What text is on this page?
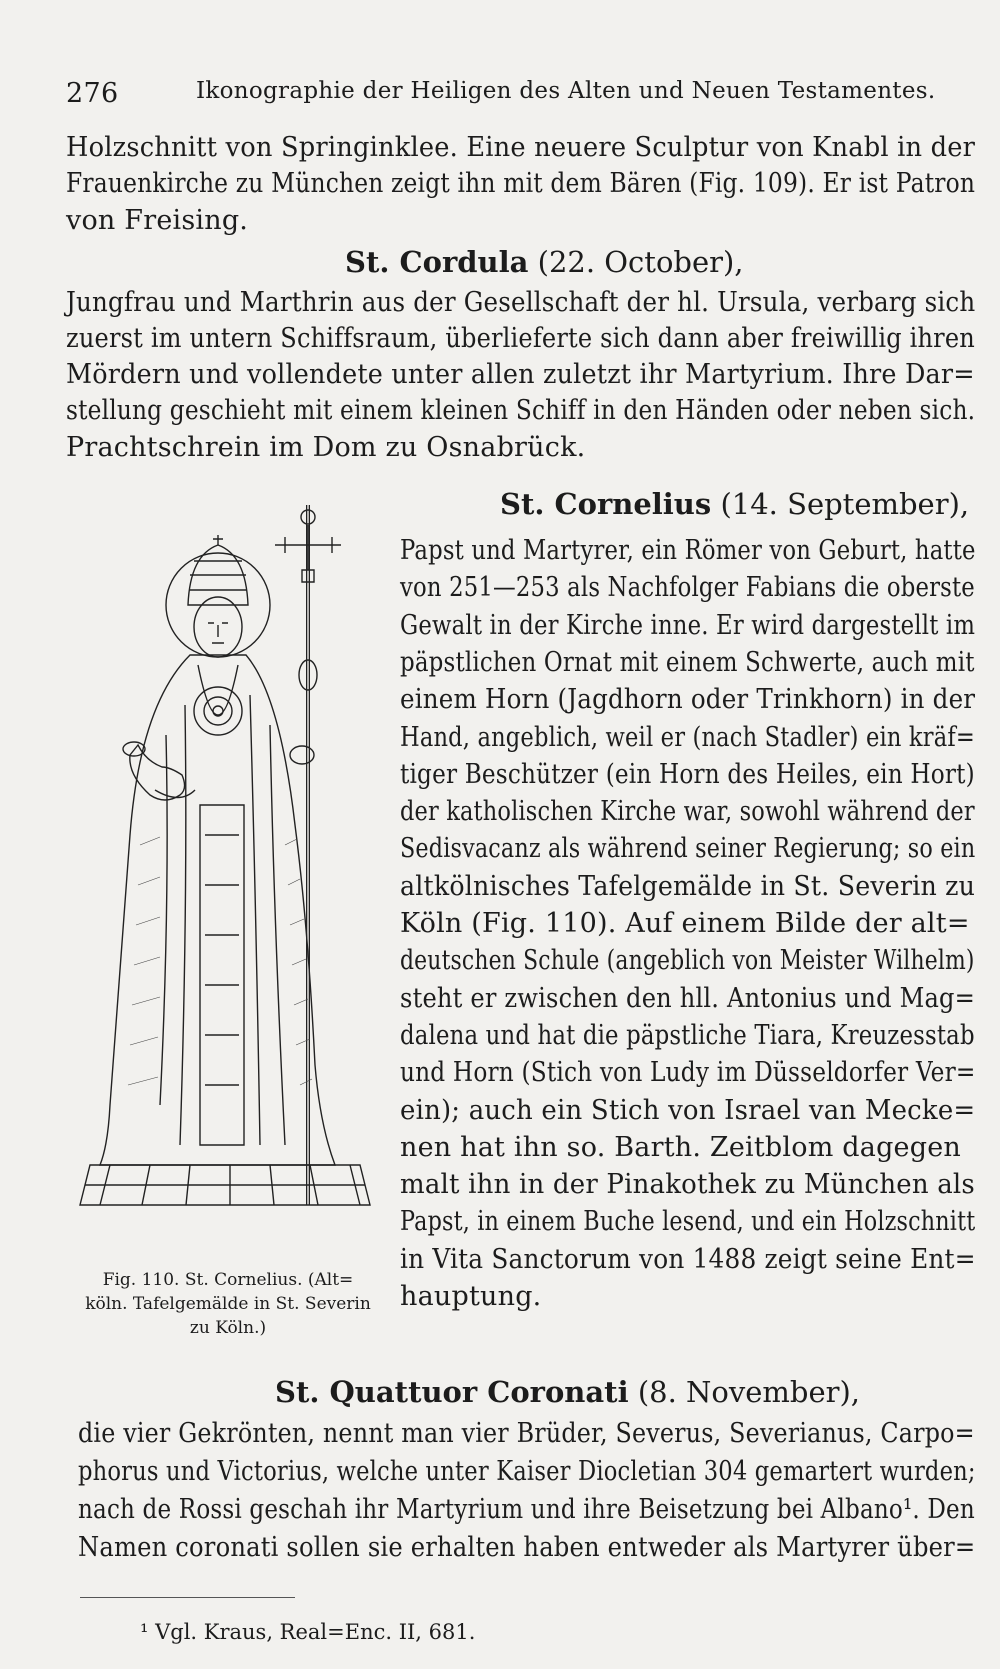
276	Ikonographie der Heiligen des Alten und Neuen Testamentes.

Holzschnitt von Springinklee. Eine neuere Sculptur von Knabl in der

Frauenkirche zu München zeigt ihn mit dem Bären (Fig. 109). Er ist Patron

von Freising.

St. Cordula (22. October),

Jungfrau und Marthrin aus der Gesellschaft der hl. Ursula, verbarg sich

zuerst im untern Schiffsraum, überlieferte sich dann aber freiwillig ihren

Mördern und vollendete unter allen zuletzt ihr Martyrium. Ihre Dar=

stellung geschieht mit einem kleinen Schiff in den Händen oder neben sich.

Prachtschrein im Dom zu Osnabrück.

St. Cornelius (14. September),

Papst und Martyrer, ein Römer von Geburt, hatte

von 251—253 als Nachfolger Fabians die oberste

Gewalt in der Kirche inne. Er wird dargestellt im

päpstlichen Ornat mit einem Schwerte, auch mit

einem Horn (Jagdhorn oder Trinkhorn) in der

Hand, angeblich, weil er (nach Stadler) ein kräf=

tiger Beschützer (ein Horn des Heiles, ein Hort)

der katholischen Kirche war, sowohl während der

Sedisvacanz als während seiner Regierung; so ein

altkölnisches Tafelgemälde in St. Severin zu

Köln (Fig. 110). Auf einem Bilde der alt=

deutschen Schule (angeblich von Meister Wilhelm)

steht er zwischen den hll. Antonius und Mag=

dalena und hat die päpstliche Tiara, Kreuzesstab

und Horn (Stich von Ludy im Düsseldorfer Ver=

ein); auch ein Stich von Israel van Mecke=

nen hat ihn so. Barth. Zeitblom dagegen

malt ihn in der Pinakothek zu München als

Papst, in einem Buche lesend, und ein Holzschnitt

in Vita Sanctorum von 1488 zeigt seine Ent=

hauptung.

Fig. 110. St. Cornelius. (Alt=
köln. Tafelgemälde in St. Severin
zu Köln.)

St. Quattuor Coronati (8. November),

die vier Gekrönten, nennt man vier Brüder, Severus, Severianus, Carpo=

phorus und Victorius, welche unter Kaiser Diocletian 304 gemartert wurden;

nach de Rossi geschah ihr Martyrium und ihre Beisetzung bei Albano¹. Den

Namen coronati sollen sie erhalten haben entweder als Martyrer über=

¹ Vgl. Kraus, Real=Enc. II, 681.
